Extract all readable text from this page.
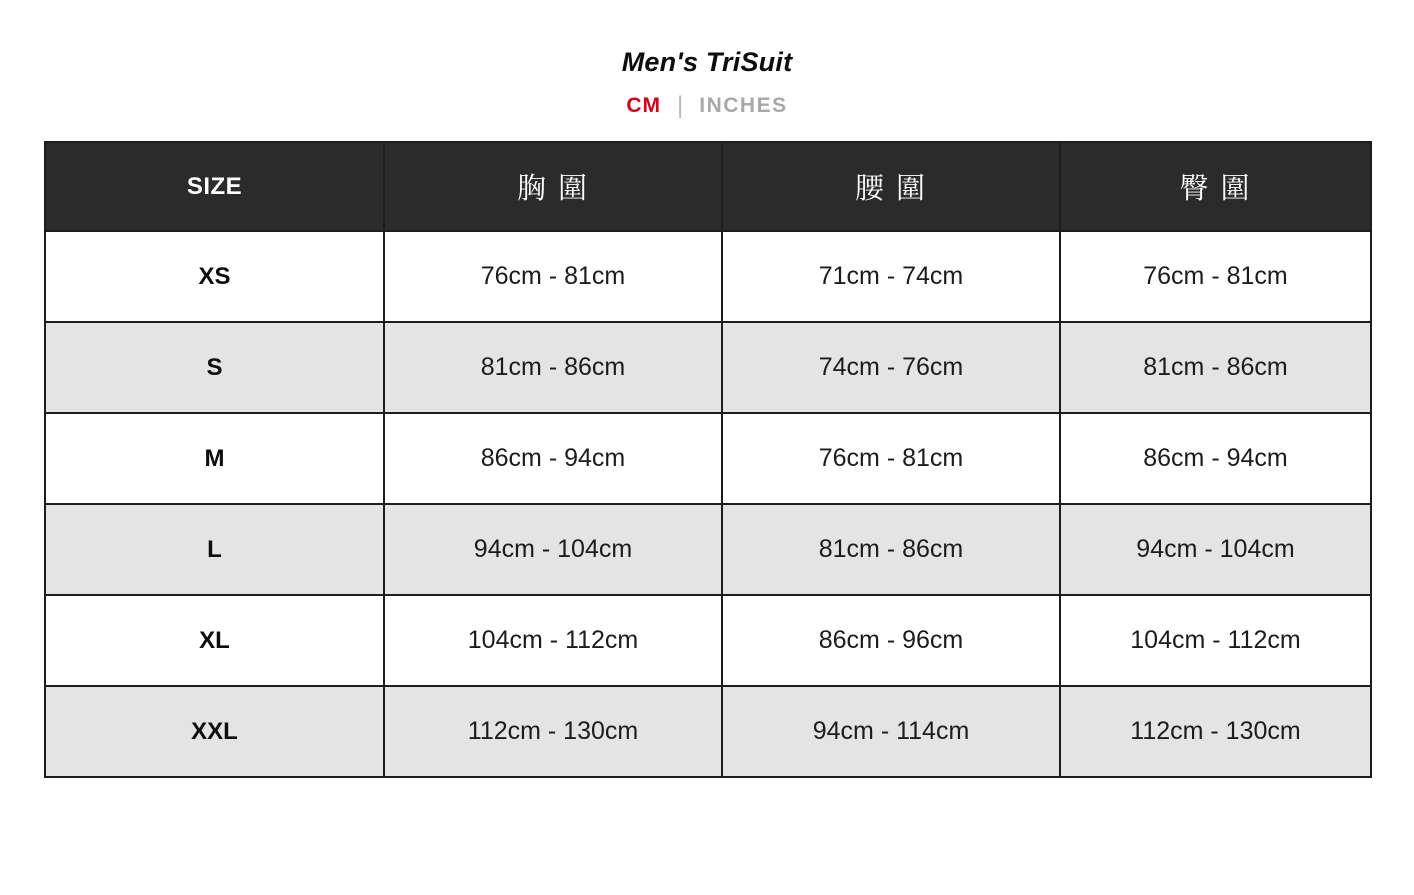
Men's TriSuit
CM | INCHES
SIZE	胸 圍	腰 圍	臀 圍
XS	76cm - 81cm	71cm - 74cm	76cm - 81cm
S	81cm - 86cm	74cm - 76cm	81cm - 86cm
M	86cm - 94cm	76cm - 81cm	86cm - 94cm
L	94cm - 104cm	81cm - 86cm	94cm - 104cm
XL	104cm - 112cm	86cm - 96cm	104cm - 112cm
XXL	112cm - 130cm	94cm - 114cm	112cm - 130cm
